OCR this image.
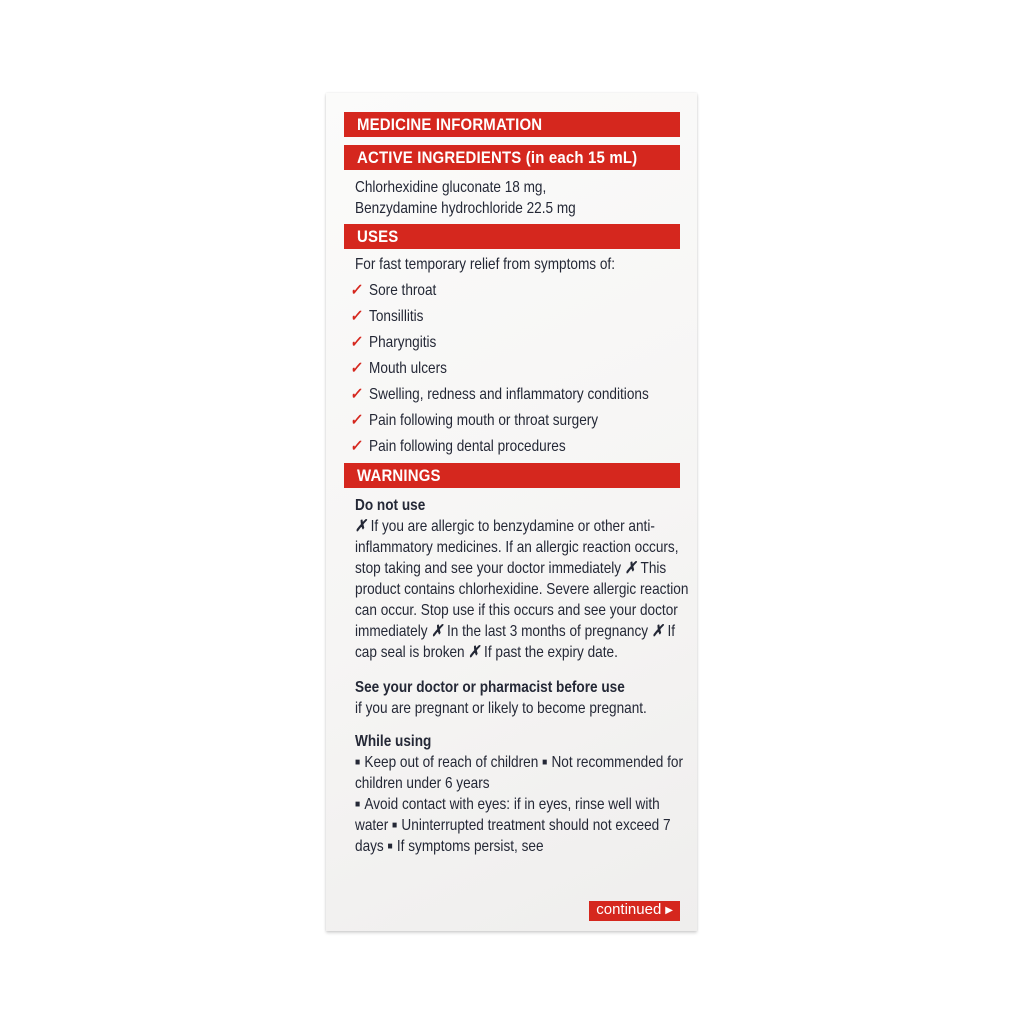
MEDICINE INFORMATION
ACTIVE INGREDIENTS (in each 15 mL)
Chlorhexidine gluconate 18 mg,
Benzydamine hydrochloride 22.5 mg
USES
For fast temporary relief from symptoms of:
✓ Sore throat
✓ Tonsillitis
✓ Pharyngitis
✓ Mouth ulcers
✓ Swelling, redness and inflammatory conditions
✓ Pain following mouth or throat surgery
✓ Pain following dental procedures
WARNINGS
Do not use

✗ If you are allergic to benzydamine or other anti-inflammatory medicines. If an allergic reaction occurs, stop taking and see your doctor immediately ✗ This product contains chlorhexidine. Severe allergic reaction can occur. Stop use if this occurs and see your doctor immediately ✗ In the last 3 months of pregnancy ✗ If cap seal is broken ✗ If past the expiry date.

See your doctor or pharmacist before use
if you are pregnant or likely to become pregnant.
While using

■ Keep out of reach of children ■ Not recommended for children under 6 years

■ Avoid contact with eyes: if in eyes, rinse well with water ■ Uninterrupted treatment should not exceed 7 days ■ If symptoms persist, see

continued ▶
